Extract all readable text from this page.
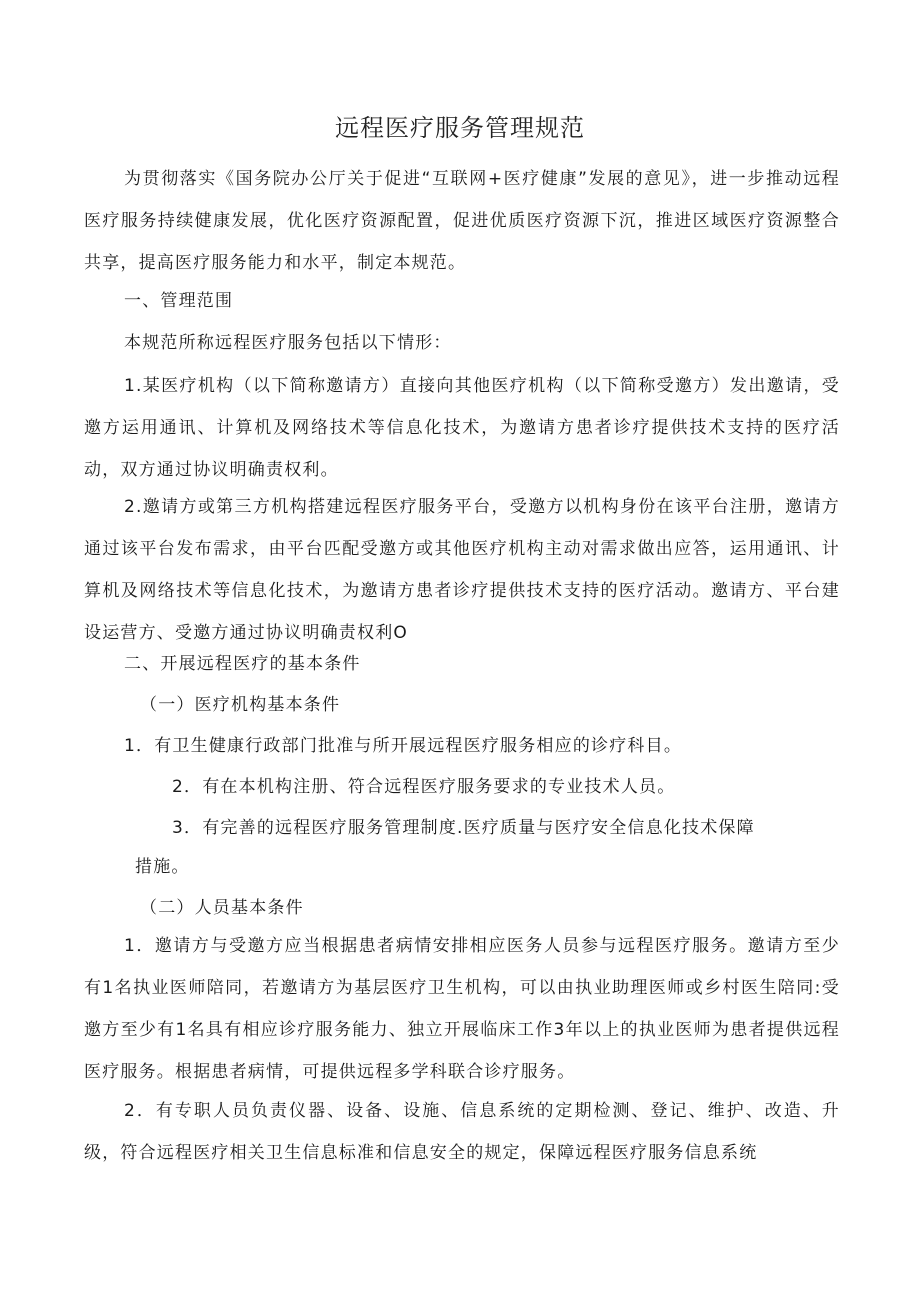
远程医疗服务管理规范

为贯彻落实《国务院办公厅关于促进“互联网+医疗健康”发展的意见》，进一步推动远程医疗服务持续健康发展，优化医疗资源配置，促进优质医疗资源下沉，推进区域医疗资源整合共享，提高医疗服务能力和水平，制定本规范。

一、管理范围

本规范所称远程医疗服务包括以下情形：

1.某医疗机构（以下简称邀请方）直接向其他医疗机构（以下简称受邀方）发出邀请，受邀方运用通讯、计算机及网络技术等信息化技术，为邀请方患者诊疗提供技术支持的医疗活动，双方通过协议明确责权利。

2.邀请方或第三方机构搭建远程医疗服务平台，受邀方以机构身份在该平台注册，邀请方通过该平台发布需求，由平台匹配受邀方或其他医疗机构主动对需求做出应答，运用通讯、计算机及网络技术等信息化技术，为邀请方患者诊疗提供技术支持的医疗活动。邀请方、平台建设运营方、受邀方通过协议明确责权利O

二、开展远程医疗的基本条件

（一）医疗机构基本条件

1．有卫生健康行政部门批准与所开展远程医疗服务相应的诊疗科目。

2．有在本机构注册、符合远程医疗服务要求的专业技术人员。

3．有完善的远程医疗服务管理制度.医疗质量与医疗安全信息化技术保障

措施。

（二）人员基本条件

1．邀请方与受邀方应当根据患者病情安排相应医务人员参与远程医疗服务。邀请方至少有1名执业医师陪同，若邀请方为基层医疗卫生机构，可以由执业助理医师或乡村医生陪同:受邀方至少有1名具有相应诊疗服务能力、独立开展临床工作3年以上的执业医师为患者提供远程医疗服务。根据患者病情，可提供远程多学科联合诊疗服务。

2．有专职人员负责仪器、设备、设施、信息系统的定期检测、登记、维护、改造、升级，符合远程医疗相关卫生信息标准和信息安全的规定，保障远程医疗服务信息系统
